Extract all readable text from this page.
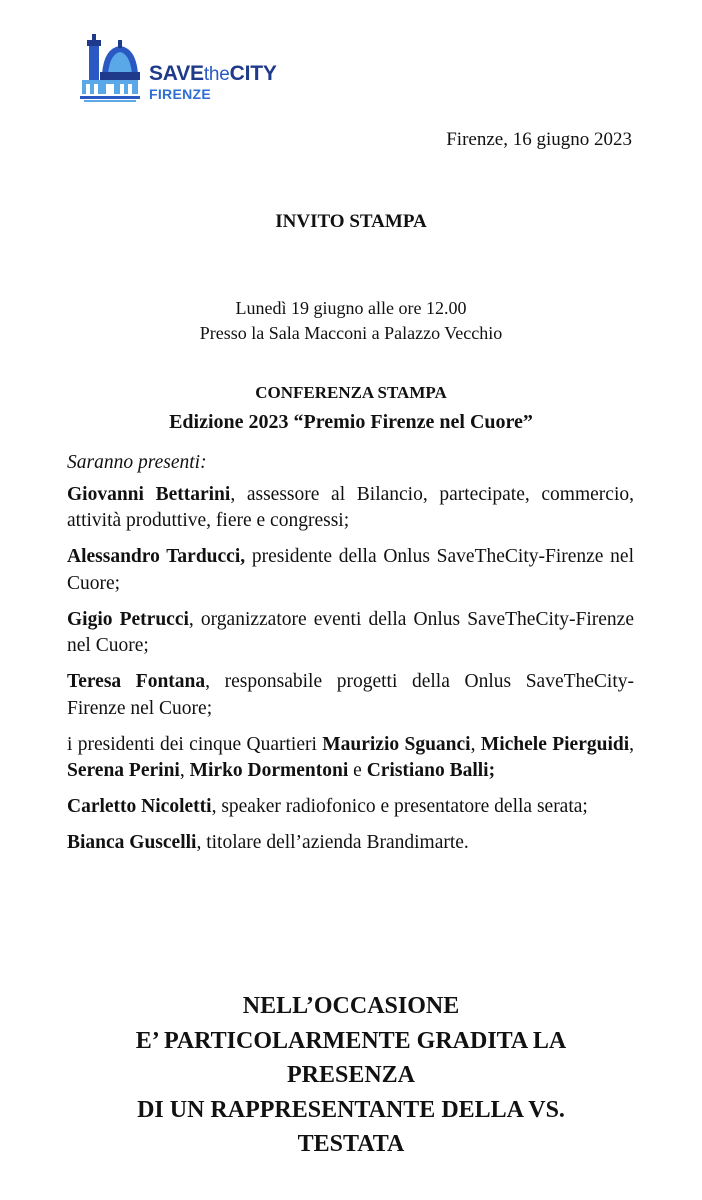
SAVEtheCITY
FIRENZE
Firenze, 16 giugno 2023
INVITO STAMPA
Lunedì 19 giugno alle ore 12.00
Presso la Sala Macconi a Palazzo Vecchio
CONFERENZA STAMPA
Edizione 2023 “Premio Firenze nel Cuore”

Saranno presenti:

Giovanni Bettarini, assessore al Bilancio, partecipate, commercio, attività produttive, fiere e congressi;

Alessandro Tarducci, presidente della Onlus SaveTheCity-Firenze nel Cuore;

Gigio Petrucci, organizzatore eventi della Onlus SaveTheCity-Firenze nel Cuore;

Teresa Fontana, responsabile progetti della Onlus SaveTheCity-Firenze nel Cuore;

i presidenti dei cinque Quartieri Maurizio Sguanci, Michele Pierguidi, Serena Perini, Mirko Dormentoni e Cristiano Balli;

Carletto Nicoletti, speaker radiofonico e presentatore della serata;

Bianca Guscelli, titolare dell’azienda Brandimarte.

NELL’OCCASIONE
E’ PARTICOLARMENTE GRADITA LA
PRESENZA
DI UN RAPPRESENTANTE DELLA VS.
TESTATA
